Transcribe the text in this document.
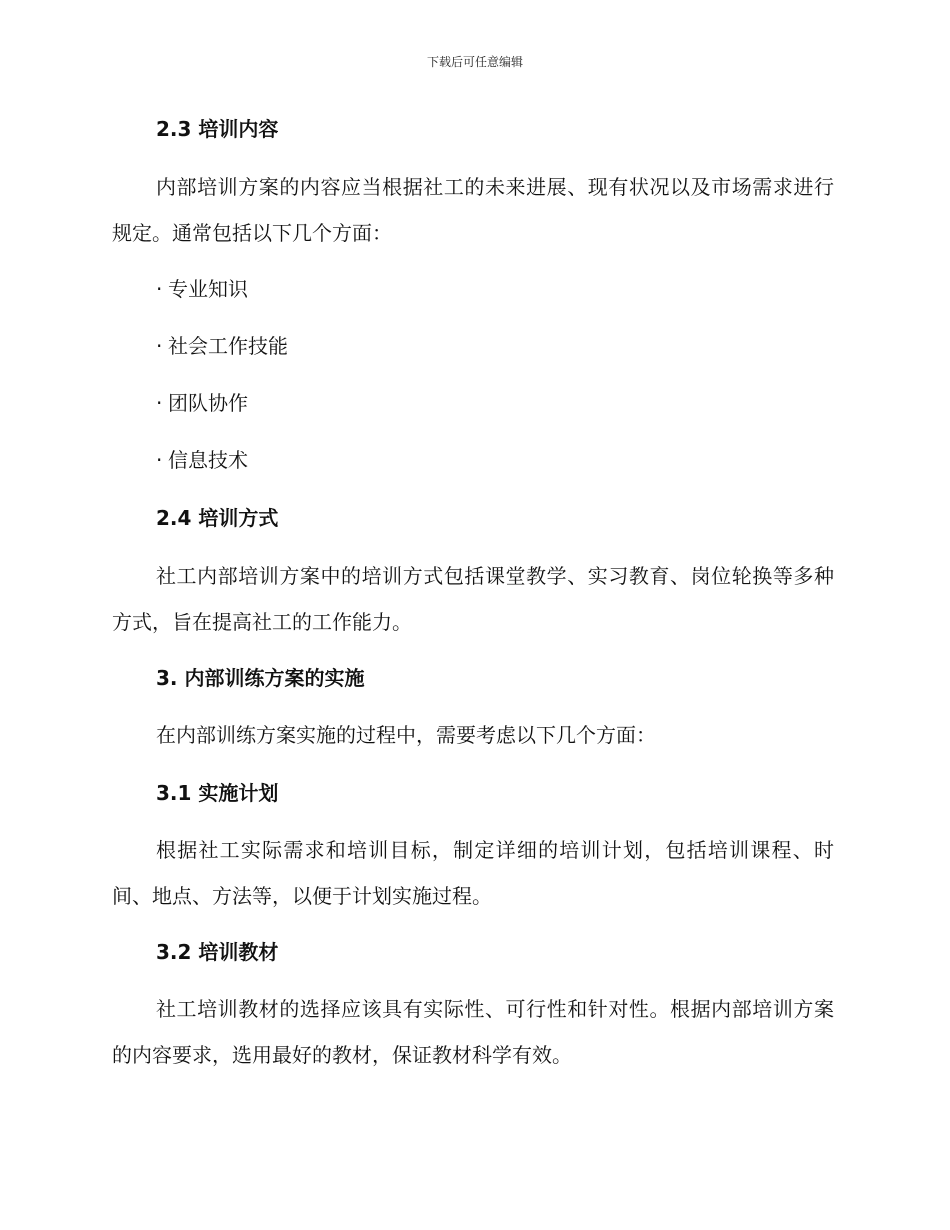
下载后可任意编辑
2.3 培训内容

内部培训方案的内容应当根据社工的未来进展、现有状况以及市场需求进行规定。通常包括以下几个方面：

· 专业知识
· 社会工作技能
· 团队协作
· 信息技术
2.4 培训方式

社工内部培训方案中的培训方式包括课堂教学、实习教育、岗位轮换等多种方式，旨在提高社工的工作能力。

3. 内部训练方案的实施

在内部训练方案实施的过程中，需要考虑以下几个方面：

3.1 实施计划

根据社工实际需求和培训目标，制定详细的培训计划，包括培训课程、时间、地点、方法等，以便于计划实施过程。

3.2 培训教材

社工培训教材的选择应该具有实际性、可行性和针对性。根据内部培训方案的内容要求，选用最好的教材，保证教材科学有效。
